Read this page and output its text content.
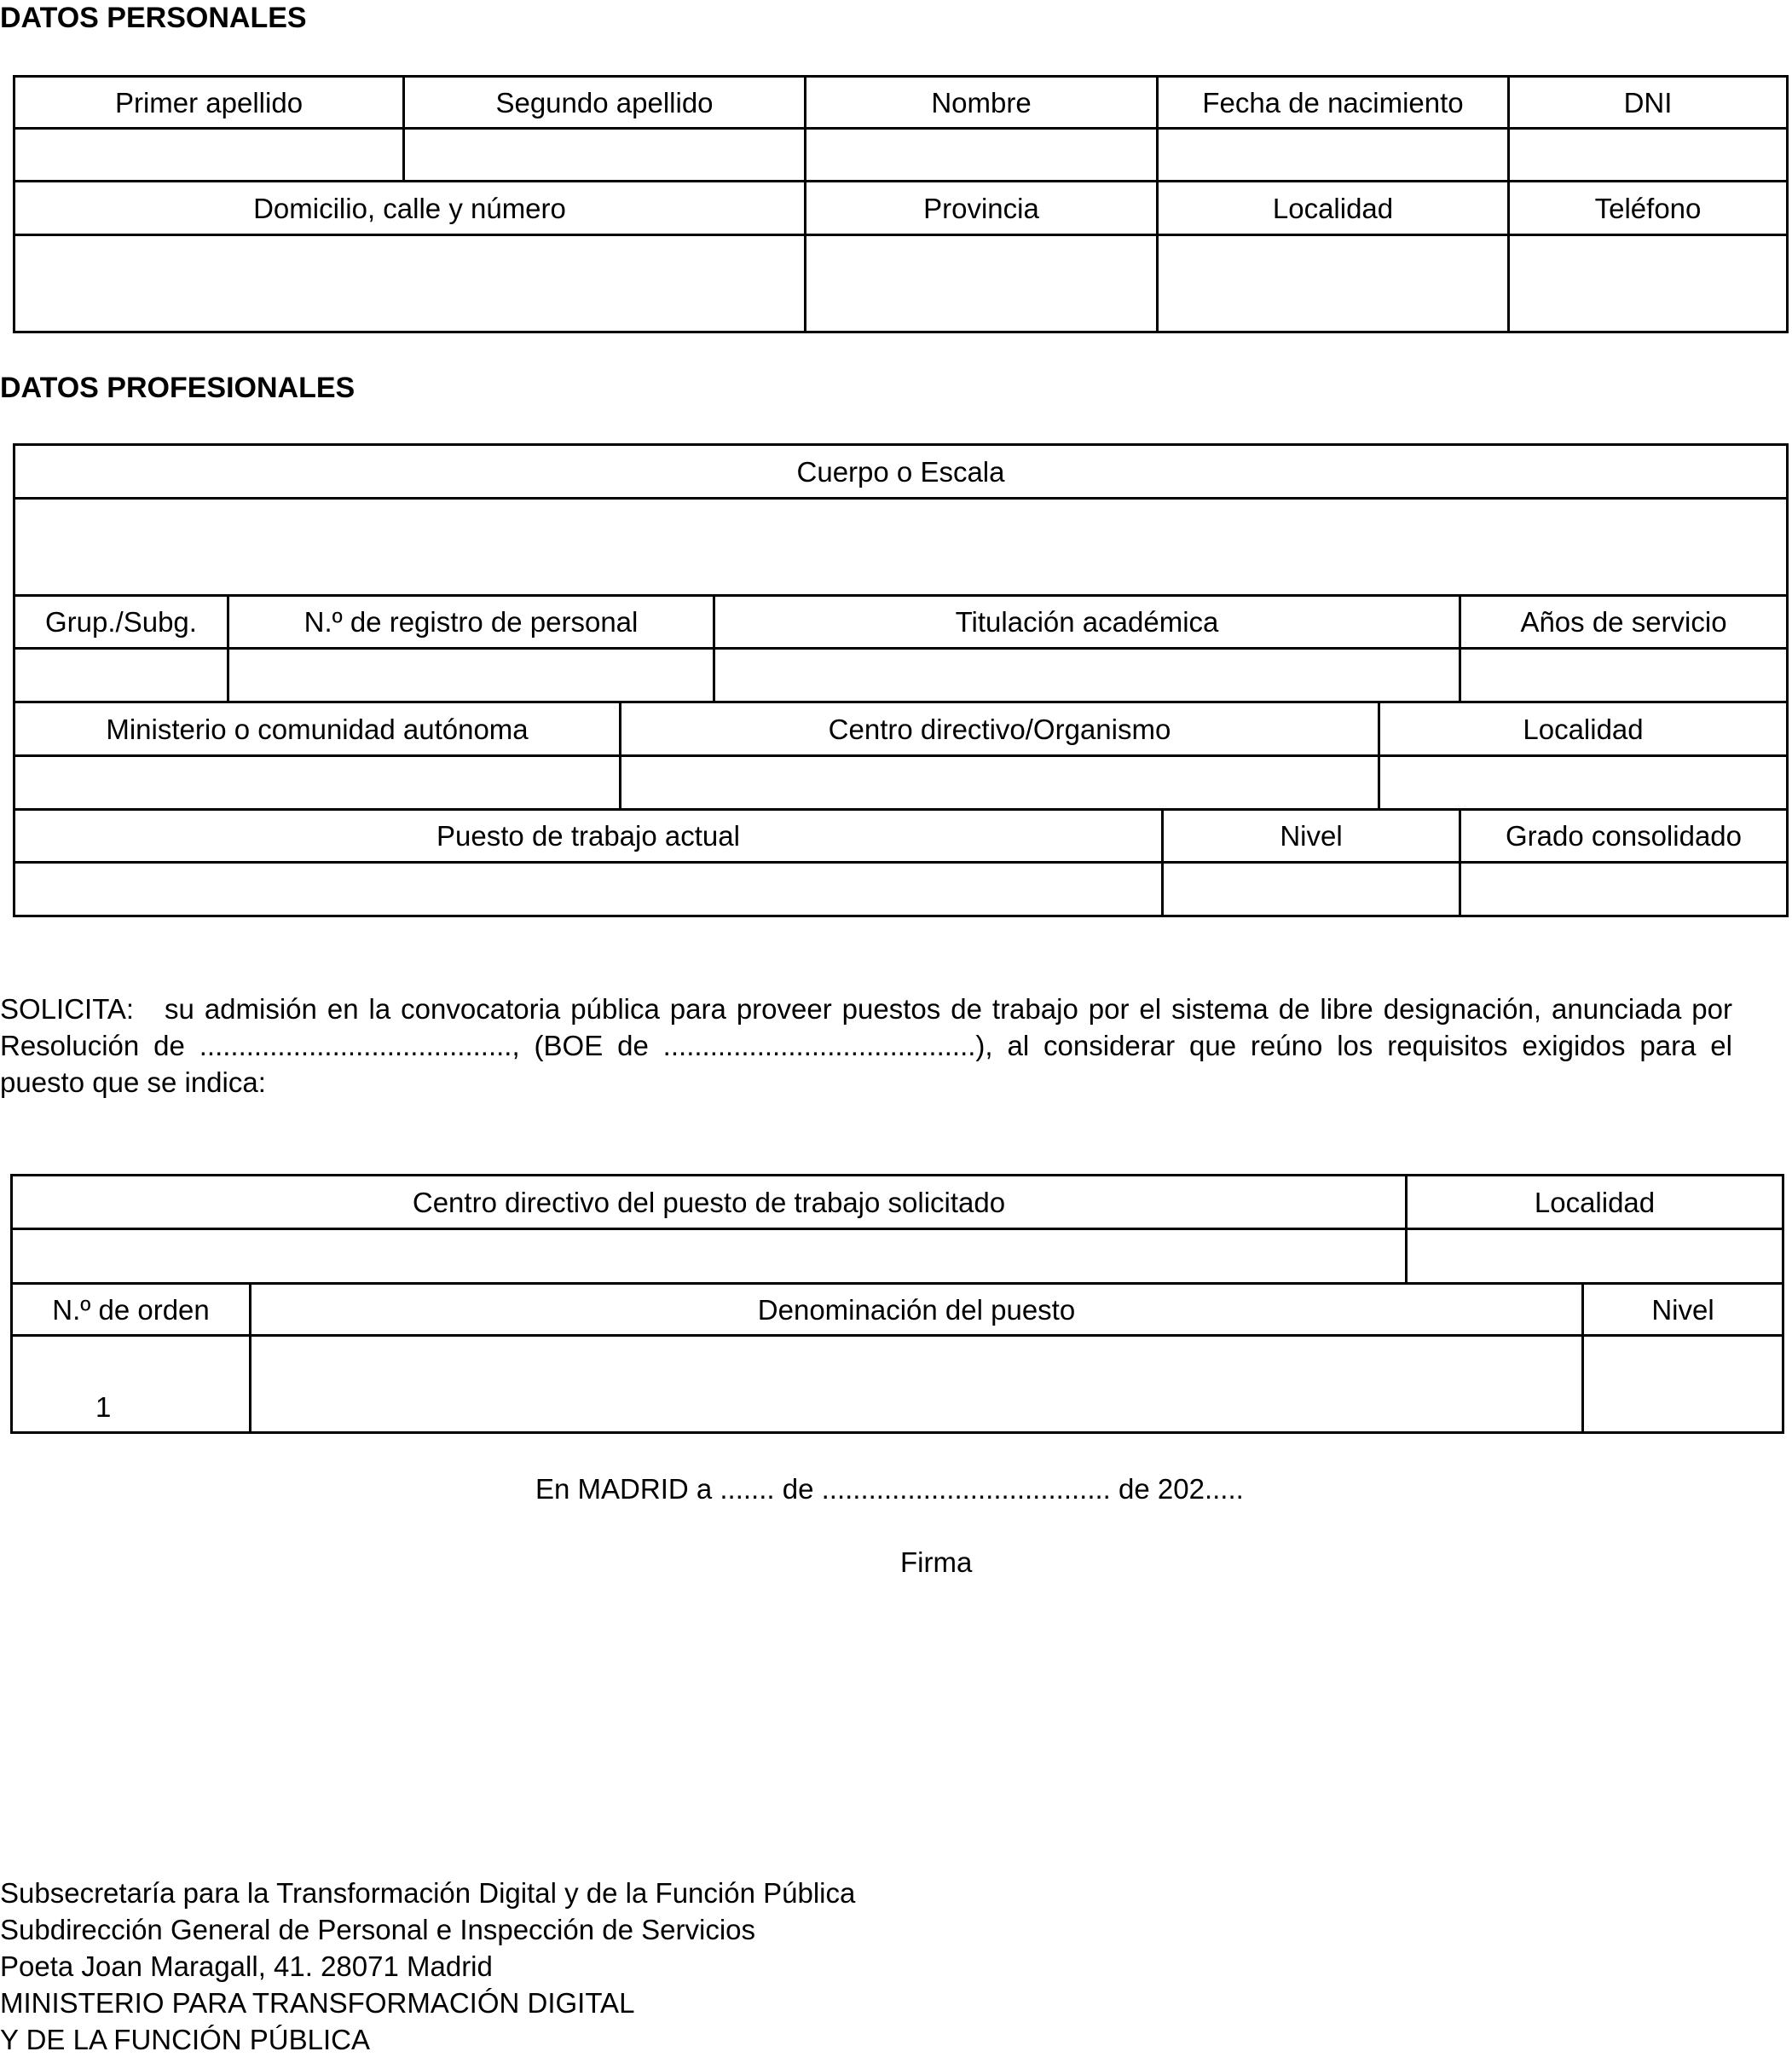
DATOS PERSONALES
Primer apellido	Segundo apellido	Nombre	Fecha de nacimiento	DNI

Domicilio, calle y número		Provincia	Localidad	Teléfono

DATOS PROFESIONALES
Cuerpo o Escala						

Grup./Subg.	N.º de registro de personal		Titulación académica			Años de servicio

Ministerio o comunidad autónoma		Centro directivo/Organismo			Localidad	

Puesto de trabajo actual				Nivel		Grado consolidado

SOLICITA: su admisión en la convocatoria pública para proveer puestos de trabajo por el sistema de libre designación, anunciada por Resolución de ........................................, (BOE de ........................................), al considerar que reúno los requisitos exigidos para el puesto que se indica:
Centro directivo del puesto de trabajo solicitado		Localidad	

N.º de orden	Denominación del puesto		Nivel
1			
En MADRID a ....... de ..................................... de 202.....
Firma
Subsecretaría para la Transformación Digital y de la Función Pública
Subdirección General de Personal e Inspección de Servicios
Poeta Joan Maragall, 41. 28071 Madrid
MINISTERIO PARA TRANSFORMACIÓN DIGITAL
Y DE LA FUNCIÓN PÚBLICA
